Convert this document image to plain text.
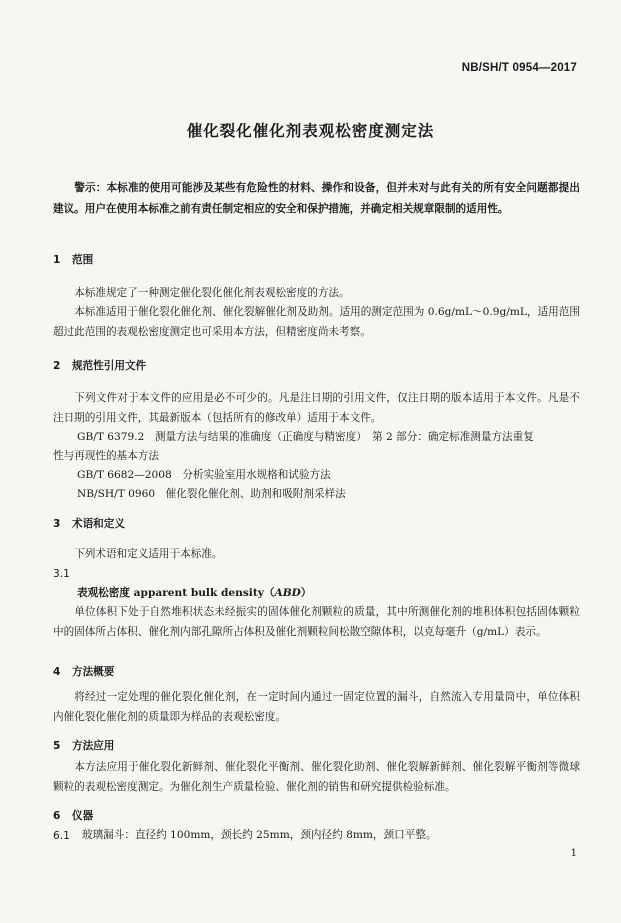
NB/SH/T 0954—2017
催化裂化催化剂表观松密度测定法
警示：本标准的使用可能涉及某些有危险性的材料、操作和设备，但并未对与此有关的所有安全问题都提出建议。用户在使用本标准之前有责任制定相应的安全和保护措施，并确定相关规章限制的适用性。
1 范围
本标准规定了一种测定催化裂化催化剂表观松密度的方法。
本标准适用于催化裂化催化剂、催化裂解催化剂及助剂。适用的测定范围为 0.6g/mL～0.9g/mL，适用范围超过此范围的表观松密度测定也可采用本方法，但精密度尚未考察。
2 规范性引用文件
下列文件对于本文件的应用是必不可少的。凡是注日期的引用文件，仅注日期的版本适用于本文件。凡是不注日期的引用文件，其最新版本（包括所有的修改单）适用于本文件。
GB/T 6379.2　测量方法与结果的准确度（正确度与精密度）　第 2 部分：确定标准测量方法重复
性与再现性的基本方法
GB/T 6682—2008　分析实验室用水规格和试验方法
NB/SH/T 0960　催化裂化催化剂、助剂和吸附剂采样法
3 术语和定义
下列术语和定义适用于本标准。
3.1
表观松密度 apparent bulk density（ABD）
单位体积下处于自然堆积状态未经振实的固体催化剂颗粒的质量，其中所测催化剂的堆积体积包括固体颗粒中的固体所占体积、催化剂内部孔隙所占体积及催化剂颗粒间松散空隙体积，以克每毫升（g/mL）表示。
4 方法概要
将经过一定处理的催化裂化催化剂，在一定时间内通过一固定位置的漏斗，自然流入专用量筒中，单位体积内催化裂化催化剂的质量即为样品的表观松密度。
5 方法应用
本方法应用于催化裂化新鲜剂、催化裂化平衡剂、催化裂化助剂、催化裂解新鲜剂、催化裂解平衡剂等微球颗粒的表观松密度测定。为催化剂生产质量检验、催化剂的销售和研究提供检验标准。
6 仪器
6.1 玻璃漏斗：直径约 100mm，颈长约 25mm，颈内径约 8mm，颈口平整。
1
